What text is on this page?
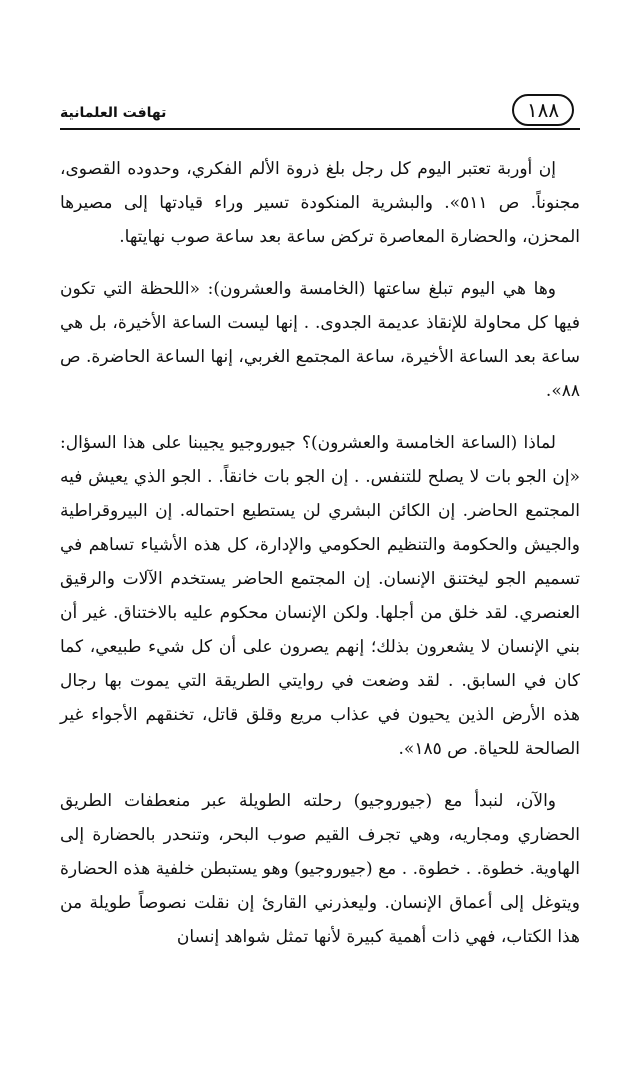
تهافت العلمانية	١٨٨

إن أوربة تعتبر اليوم كل رجل بلغ ذروة الألم الفكري، وحدوده القصوى، مجنوناً. ص ٥١١». والبشرية المنكودة تسير وراء قيادتها إلى مصيرها المحزن، والحضارة المعاصرة تركض ساعة بعد ساعة صوب نهايتها.

وها هي اليوم تبلغ ساعتها (الخامسة والعشرون): «اللحظة التي تكون فيها كل محاولة للإنقاذ عديمة الجدوى. . إنها ليست الساعة الأخيرة، بل هي ساعة بعد الساعة الأخيرة، ساعة المجتمع الغربي، إنها الساعة الحاضرة. ص ٨٨».

لماذا (الساعة الخامسة والعشرون)؟ جيوروجيو يجيبنا على هذا السؤال: «إن الجو بات لا يصلح للتنفس. . إن الجو بات خانقاً. . الجو الذي يعيش فيه المجتمع الحاضر. إن الكائن البشري لن يستطيع احتماله. إن البيروقراطية والجيش والحكومة والتنظيم الحكومي والإدارة، كل هذه الأشياء تساهم في تسميم الجو ليختنق الإنسان. إن المجتمع الحاضر يستخدم الآلات والرقيق العنصري. لقد خلق من أجلها. ولكن الإنسان محكوم عليه بالاختناق. غير أن بني الإنسان لا يشعرون بذلك؛ إنهم يصرون على أن كل شيء طبيعي، كما كان في السابق. . لقد وضعت في روايتي الطريقة التي يموت بها رجال هذه الأرض الذين يحيون في عذاب مريع وقلق قاتل، تخنقهم الأجواء غير الصالحة للحياة. ص ١٨٥».

والآن، لنبدأ مع (جيوروجيو) رحلته الطويلة عبر منعطفات الطريق الحضاري ومجاريه، وهي تجرف القيم صوب البحر، وتنحدر بالحضارة إلى الهاوية. خطوة. . خطوة. . مع (جيوروجيو) وهو يستبطن خلفية هذه الحضارة ويتوغل إلى أعماق الإنسان. وليعذرني القارئ إن نقلت نصوصاً طويلة من هذا الكتاب، فهي ذات أهمية كبيرة لأنها تمثل شواهد إنسان
